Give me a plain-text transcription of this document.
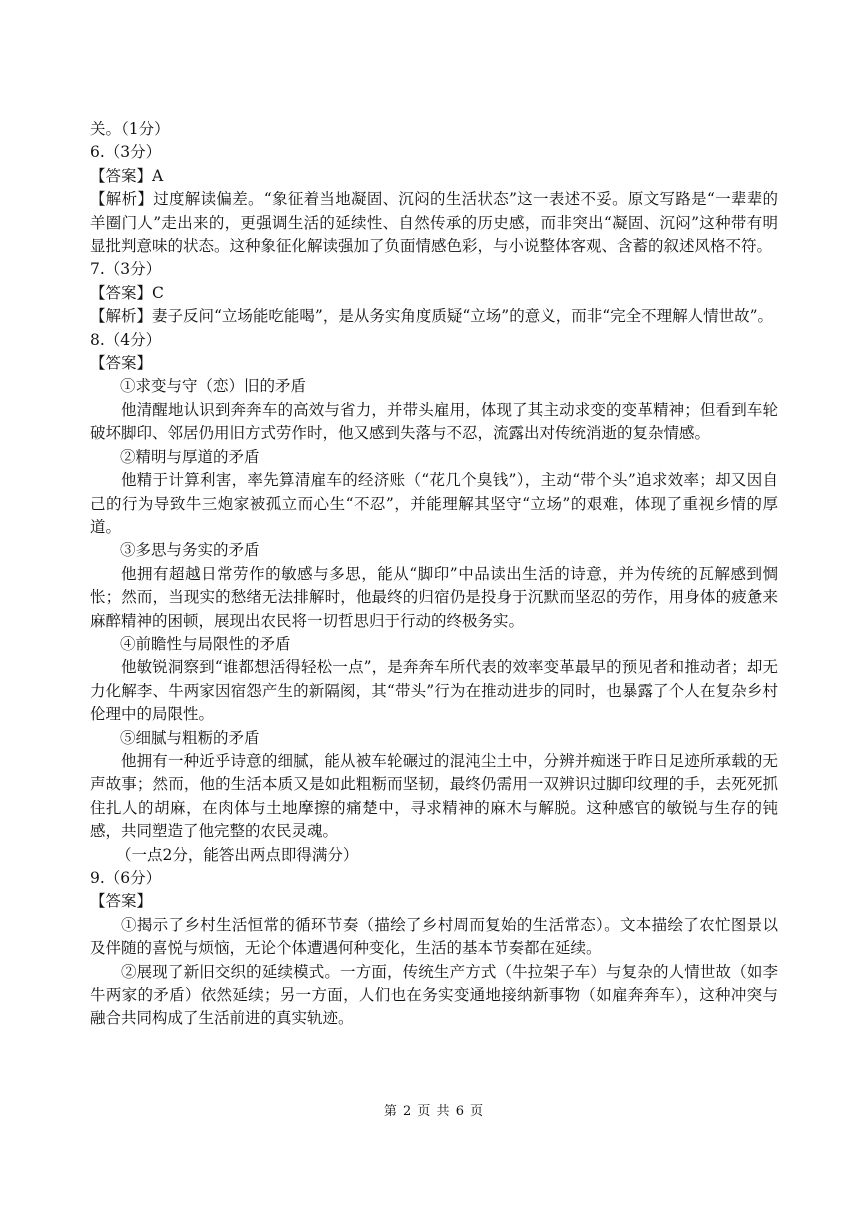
关。（1分）
6.（3分）
【答案】A
【解析】过度解读偏差。“象征着当地凝固、沉闷的生活状态”这一表述不妥。原文写路是“一辈辈的羊圈门人”走出来的，更强调生活的延续性、自然传承的历史感，而非突出“凝固、沉闷”这种带有明显批判意味的状态。这种象征化解读强加了负面情感色彩，与小说整体客观、含蓄的叙述风格不符。
7.（3分）
【答案】C
【解析】妻子反问“立场能吃能喝”，是从务实角度质疑“立场”的意义，而非“完全不理解人情世故”。
8.（4分）
【答案】
①求变与守（恋）旧的矛盾
他清醒地认识到奔奔车的高效与省力，并带头雇用，体现了其主动求变的变革精神；但看到车轮破坏脚印、邻居仍用旧方式劳作时，他又感到失落与不忍，流露出对传统消逝的复杂情感。
②精明与厚道的矛盾
他精于计算利害，率先算清雇车的经济账（“花几个臭钱”），主动“带个头”追求效率；却又因自己的行为导致牛三炮家被孤立而心生“不忍”，并能理解其坚守“立场”的艰难，体现了重视乡情的厚道。
③多思与务实的矛盾
他拥有超越日常劳作的敏感与多思，能从“脚印”中品读出生活的诗意，并为传统的瓦解感到惆怅；然而，当现实的愁绪无法排解时，他最终的归宿仍是投身于沉默而坚忍的劳作，用身体的疲惫来麻醉精神的困顿，展现出农民将一切哲思归于行动的终极务实。
④前瞻性与局限性的矛盾
他敏锐洞察到“谁都想活得轻松一点”，是奔奔车所代表的效率变革最早的预见者和推动者；却无力化解李、牛两家因宿怨产生的新隔阂，其“带头”行为在推动进步的同时，也暴露了个人在复杂乡村伦理中的局限性。
⑤细腻与粗粝的矛盾
他拥有一种近乎诗意的细腻，能从被车轮碾过的混沌尘土中，分辨并痴迷于昨日足迹所承载的无声故事；然而，他的生活本质又是如此粗粝而坚韧，最终仍需用一双辨识过脚印纹理的手，去死死抓住扎人的胡麻，在肉体与土地摩擦的痛楚中，寻求精神的麻木与解脱。这种感官的敏锐与生存的钝感，共同塑造了他完整的农民灵魂。
（一点2分，能答出两点即得满分）
9.（6分）
【答案】
①揭示了乡村生活恒常的循环节奏（描绘了乡村周而复始的生活常态）。文本描绘了农忙图景以及伴随的喜悦与烦恼，无论个体遭遇何种变化，生活的基本节奏都在延续。
②展现了新旧交织的延续模式。一方面，传统生产方式（牛拉架子车）与复杂的人情世故（如李牛两家的矛盾）依然延续；另一方面，人们也在务实变通地接纳新事物（如雇奔奔车），这种冲突与融合共同构成了生活前进的真实轨迹。
第 2 页 共 6 页
